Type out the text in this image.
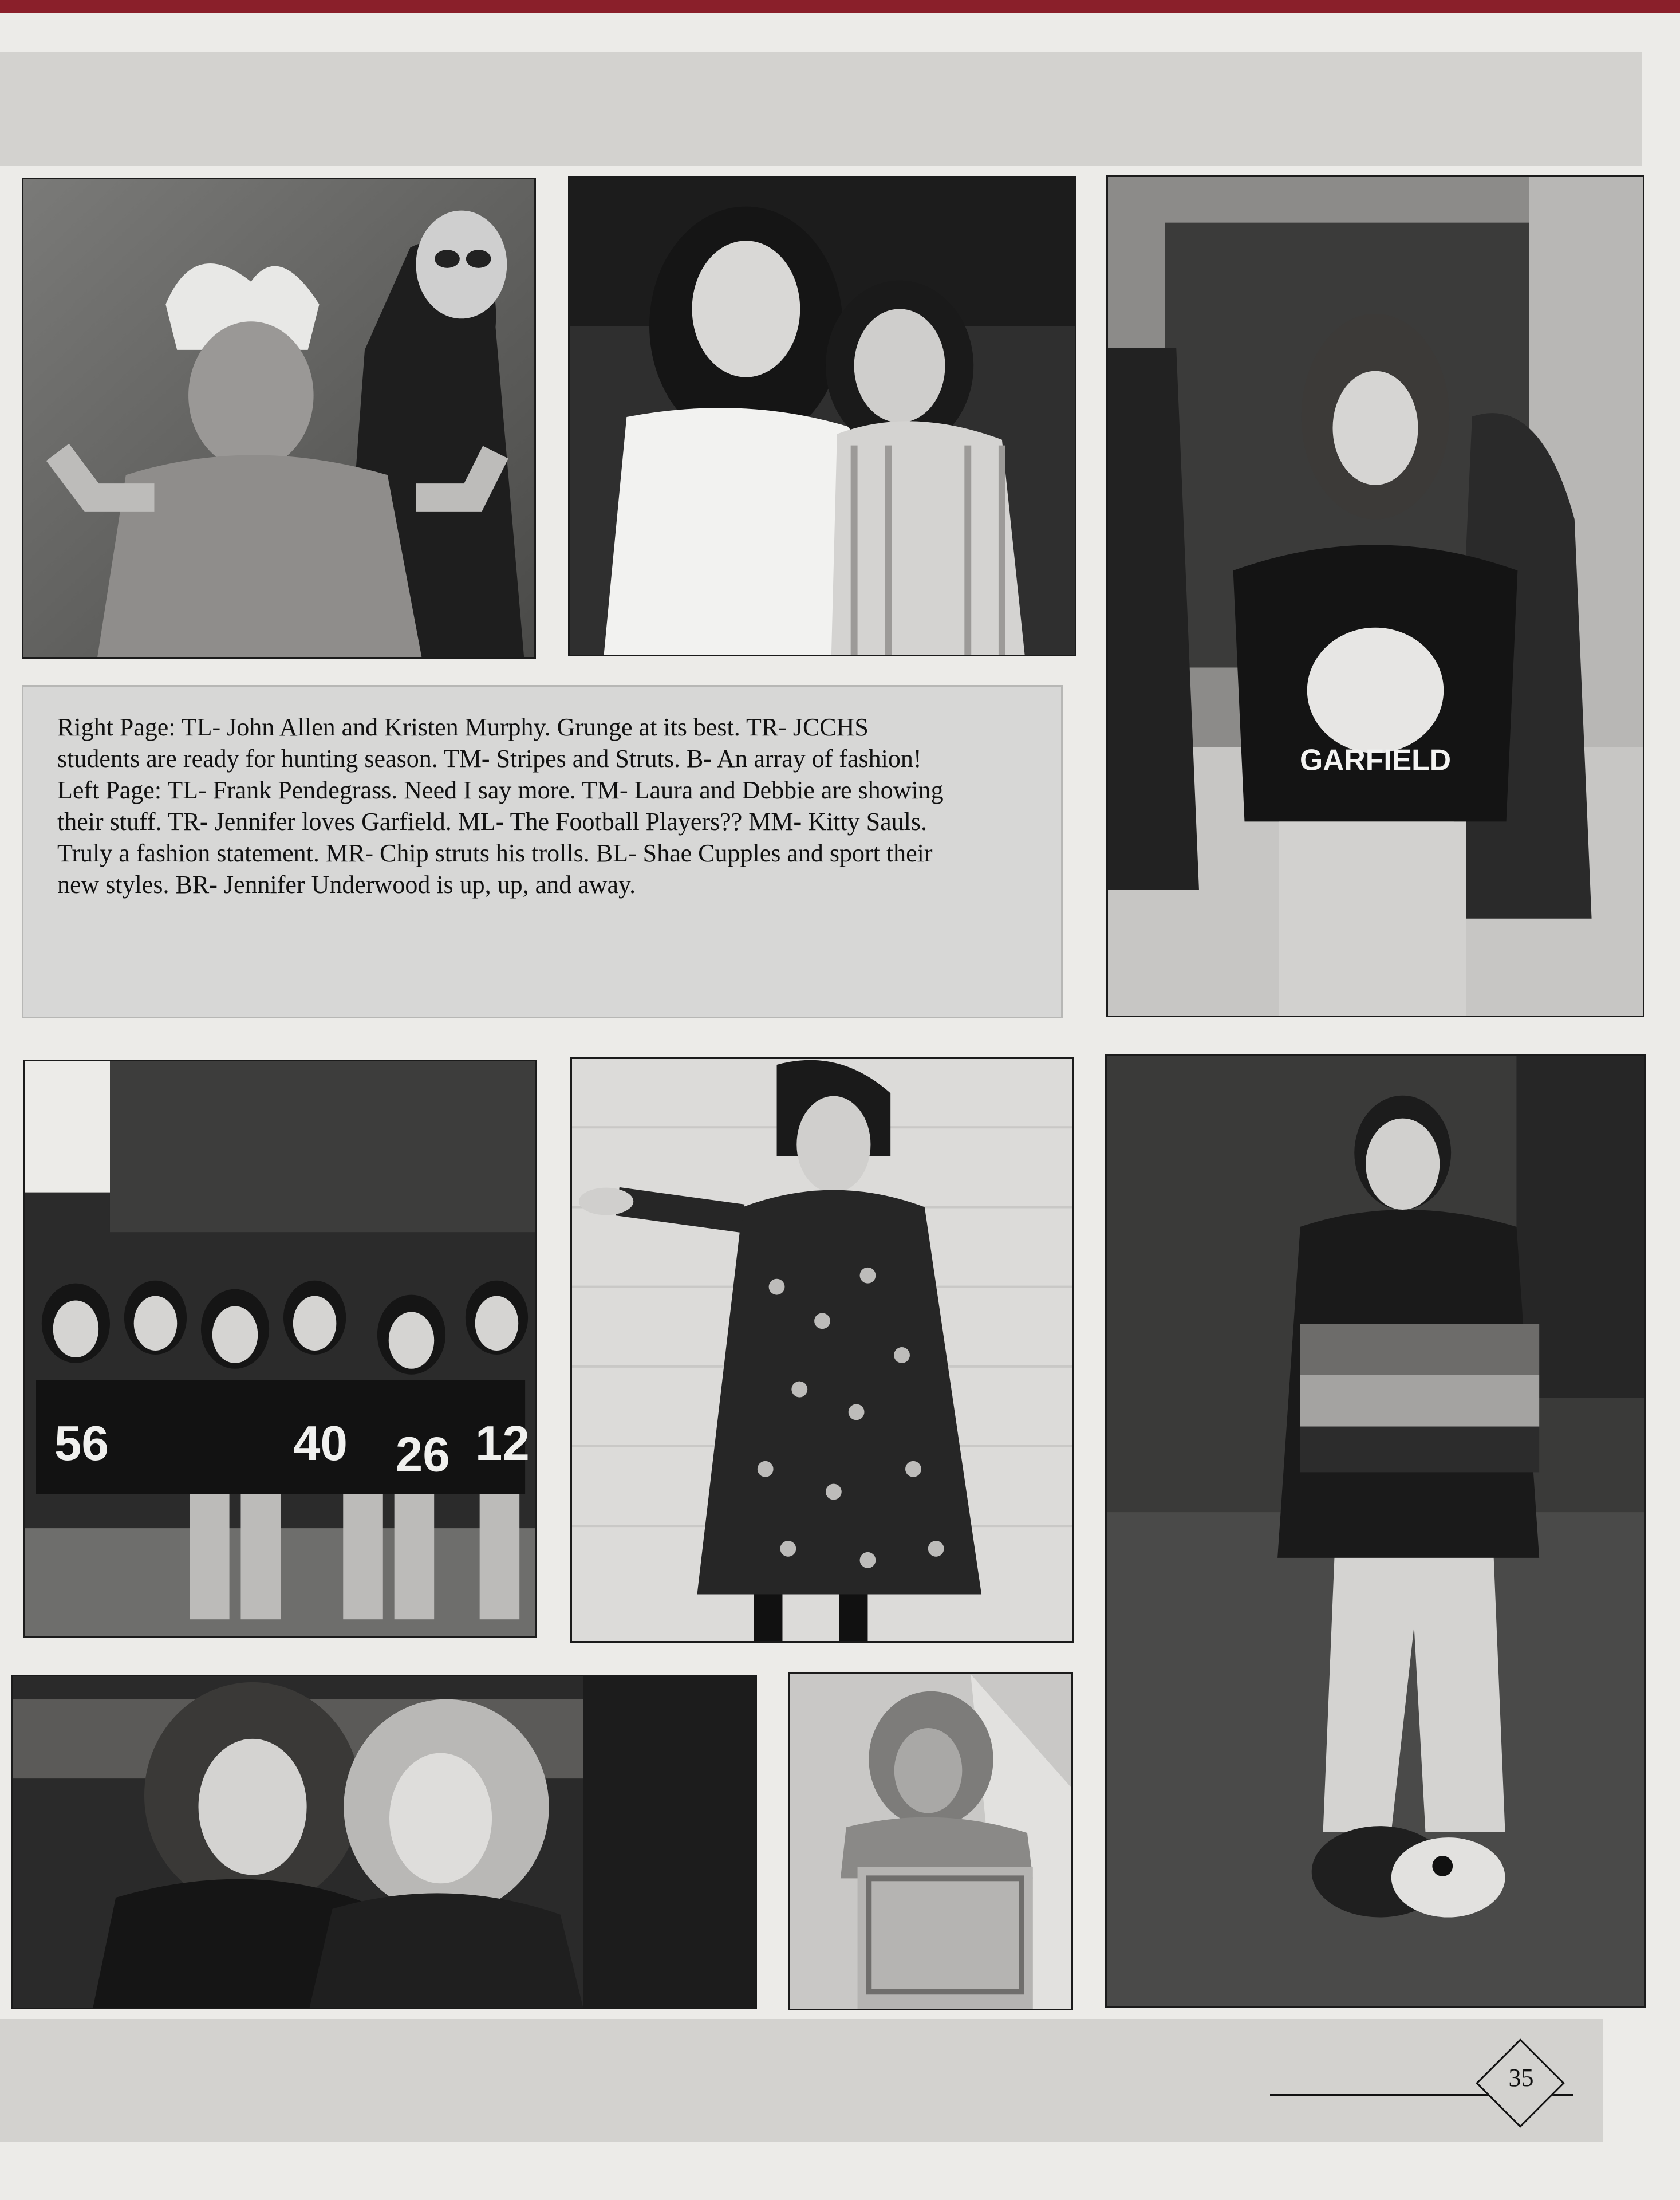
GARFIELD
Right Page: TL- John Allen and Kristen Murphy. Grunge at its best. TR- JCCHS students are ready for hunting season. TM- Stripes and Struts. B- An array of fashion! Left Page: TL- Frank Pendegrass. Need I say more. TM- Laura and Debbie are showing their stuff. TR- Jennifer loves Garfield. ML- The Football Players?? MM- Kitty Sauls. Truly a fashion statement. MR- Chip struts his trolls. BL- Shae Cupples and sport their new styles. BR- Jennifer Underwood is up, up, and away.
56	40 26 12
35
